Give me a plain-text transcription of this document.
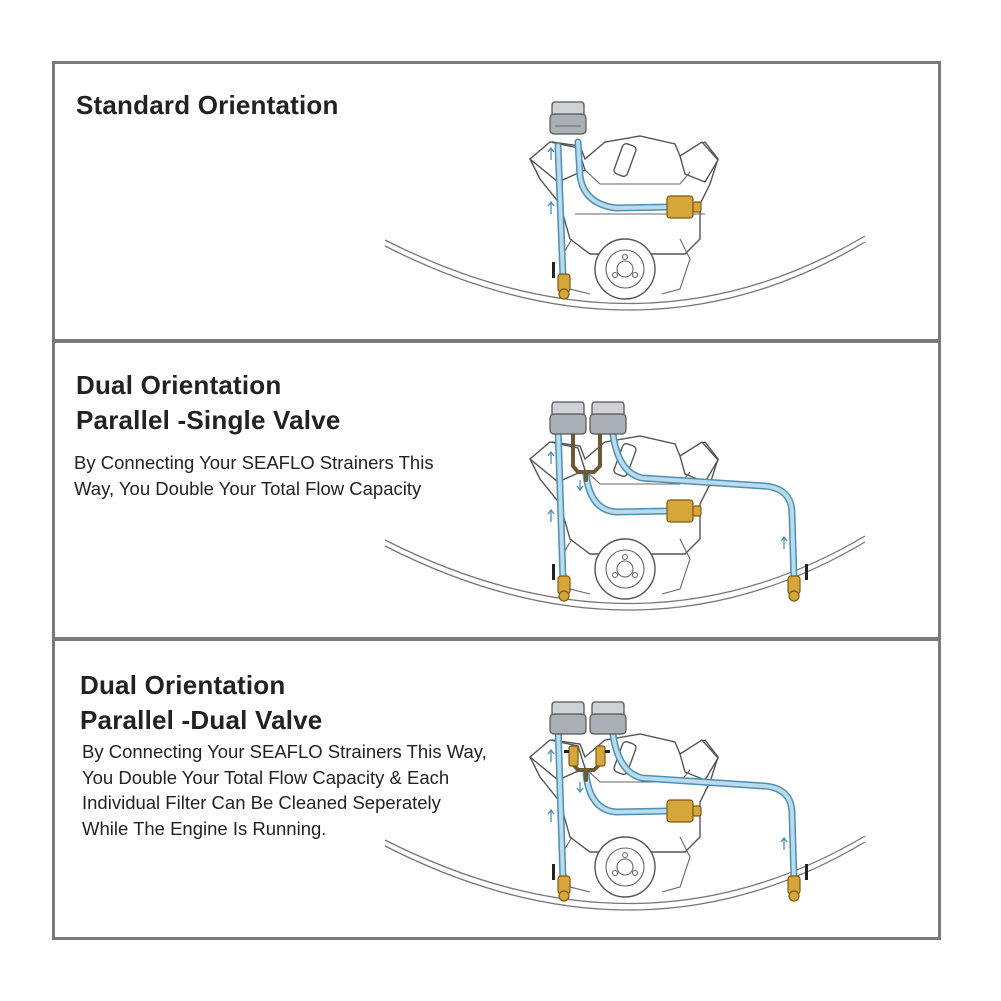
Standard Orientation
Dual Orientation
Parallel -Single Valve

By Connecting Your SEAFLO Strainers This Way, You Double Your Total Flow Capacity

Dual Orientation
Parallel -Dual Valve

By Connecting Your SEAFLO Strainers This Way, You Double Your Total Flow Capacity & Each Individual Filter Can Be Cleaned Seperately While The Engine Is Running.
